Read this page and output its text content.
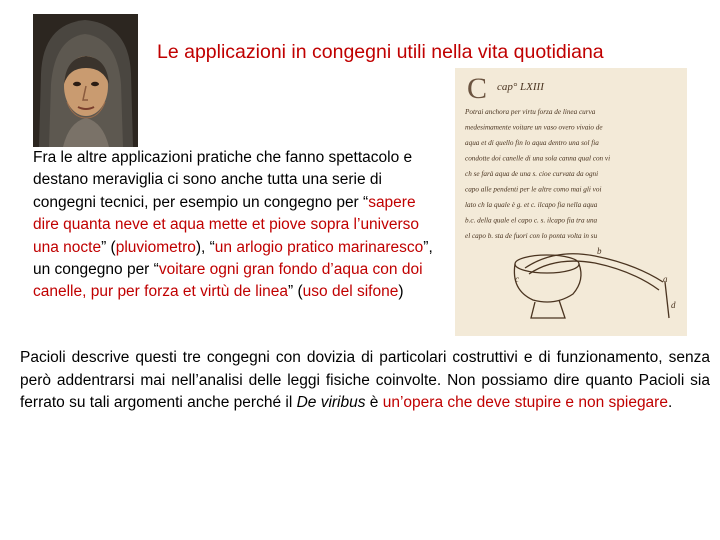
Le applicazioni in congegni utili nella vita quotidiana
C cap° LXIII
Potrai anchora per virtu forza de linea curva
medesimamente voitare un vaso overo vivaio de
aqua et di quello fin lo aqua dentro una sol fia
condotte doi canelle di una sola canna qual con vi
ch se farà aqua de una s. cioe curvata da ogni
capo alle pendenti per le altre como mai gli voi
lato ch la quale è g. et c. ilcapo fia nella aqua
b.c. della quale el capo c. s. ilcapo fia tra una
el capo b. sta de fuori con lo ponta volta in su
a
b
c
d
Fra le altre applicazioni pratiche che fanno spettacolo e destano meraviglia ci sono anche tutta una serie di congegni tecnici, per esempio un congegno per “sapere dire quanta neve et aqua mette et piove sopra l’universo una nocte” (pluviometro), “un arlogio pratico marinaresco”, un congegno per “voitare ogni gran fondo d’aqua con doi canelle, pur per forza et virtù de linea” (uso del sifone)
Pacioli descrive questi tre congegni con dovizia di particolari costruttivi e di funzionamento, senza però addentrarsi mai nell’analisi delle leggi fisiche coinvolte. Non possiamo dire quanto Pacioli sia ferrato su tali argomenti anche perché il De viribus è un’opera che deve stupire e non spiegare.
